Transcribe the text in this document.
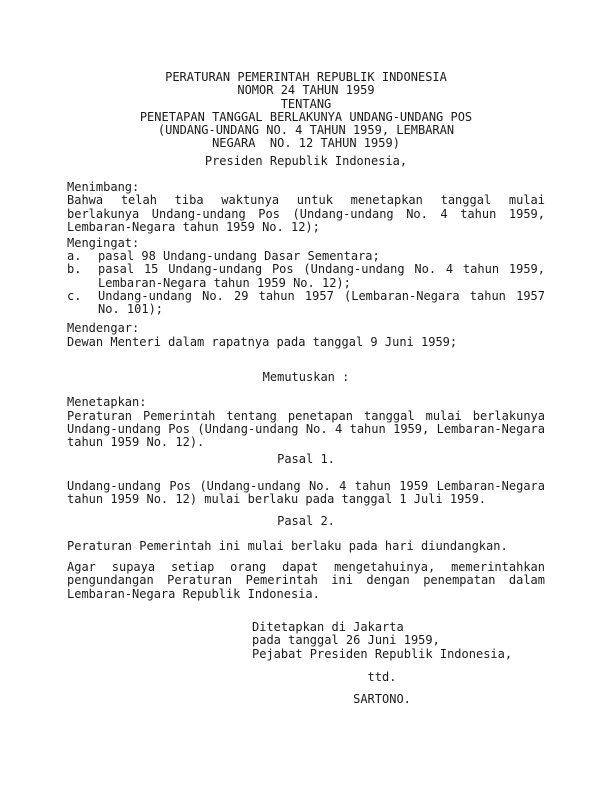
PERATURAN PEMERINTAH REPUBLIK INDONESIA
NOMOR 24 TAHUN 1959
TENTANG
PENETAPAN TANGGAL BERLAKUNYA UNDANG-UNDANG POS
(UNDANG-UNDANG NO. 4 TAHUN 1959, LEMBARAN
NEGARA  NO. 12 TAHUN 1959)
Presiden Republik Indonesia,
Menimbang:
Bahwa telah tiba waktunya untuk menetapkan tanggal mulai
berlakunya Undang-undang Pos (Undang-undang No. 4 tahun 1959,
Lembaran-Negara tahun 1959 No. 12);
Mengingat:
a.	pasal 98 Undang-undang Dasar Sementara;
b.	pasal 15 Undang-undang Pos (Undang-undang No. 4 tahun 1959,
Lembaran-Negara tahun 1959 No. 12);
c.	Undang-undang No. 29 tahun 1957 (Lembaran-Negara tahun 1957
No. 101);
Mendengar:
Dewan Menteri dalam rapatnya pada tanggal 9 Juni 1959;
Memutuskan :
Menetapkan:
Peraturan Pemerintah tentang penetapan tanggal mulai berlakunya
Undang-undang Pos (Undang-undang No. 4 tahun 1959, Lembaran-Negara
tahun 1959 No. 12).
Pasal 1.
Undang-undang Pos (Undang-undang No. 4 tahun 1959 Lembaran-Negara
tahun 1959 No. 12) mulai berlaku pada tanggal 1 Juli 1959.
Pasal 2.
Peraturan Pemerintah ini mulai berlaku pada hari diundangkan.
Agar supaya setiap orang dapat mengetahuinya, memerintahkan
pengundangan Peraturan Pemerintah ini dengan penempatan dalam
Lembaran-Negara Republik Indonesia.
Ditetapkan di Jakarta
pada tanggal 26 Juni 1959,
Pejabat Presiden Republik Indonesia,
ttd.
SARTONO.
